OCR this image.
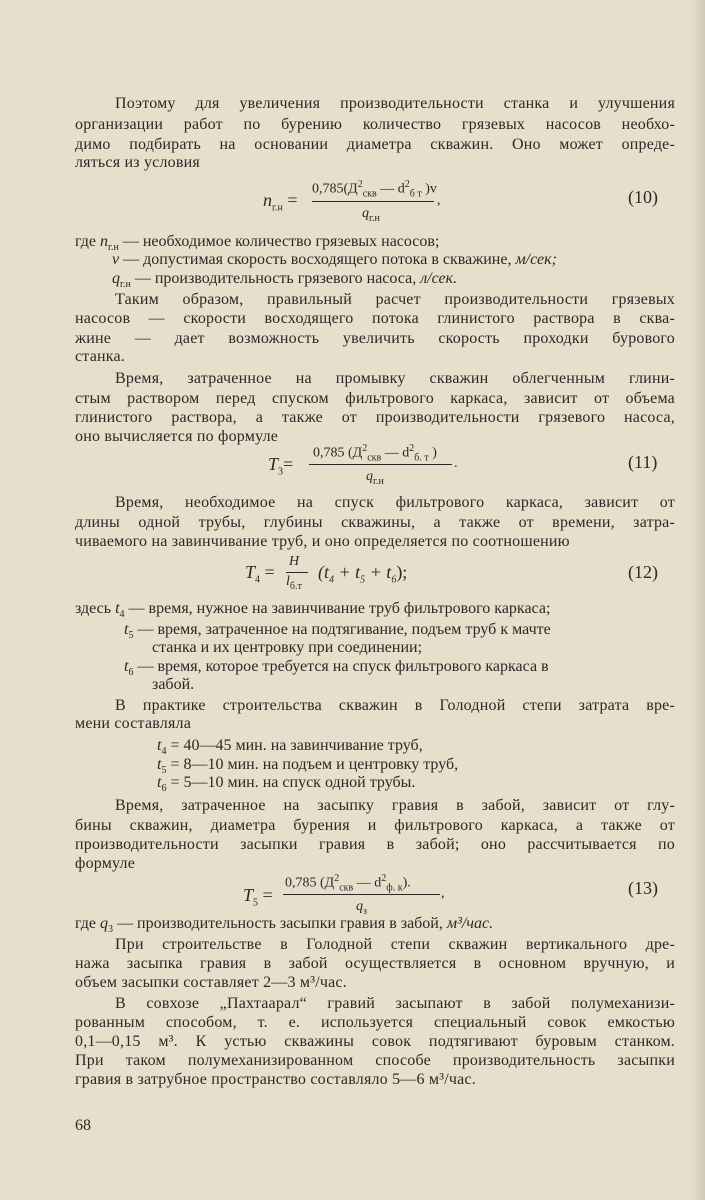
Поэтому для увеличения производительности станка и улучшения
организации работ по бурению количество грязевых насосов необхо-
димо подбирать на основании диаметра скважин. Оно может опреде-
ляться из условия
$n_{г.н}$ =
$0,785(Д^2_{скв}$ — $d^2_{б т}$ )v
,
$q_{г.н}$
(10)
где $n_{г.н}$ — необходимое количество грязевых насосов;
v — допустимая скорость восходящего потока в скважине, м/сек;
$q_{г.н}$ — производительность грязевого насоса, л/сек.
Таким образом, правильный расчет производительности грязевых
насосов — скорости восходящего потока глинистого раствора в сква-
жине — дает возможность увеличить скорость проходки бурового
станка.
Время, затраченное на промывку скважин облегченным глини-
стым раствором перед спуском фильтрового каркаса, зависит от объема
глинистого раствора, а также от производительности грязевого насоса,
оно вычисляется по формуле
$T_3=$
0,785 ($Д^2_{скв}$ — $d^2_{б. т}$ )
.
$q_{г.н}$
(11)
Время, необходимое на спуск фильтрового каркаса, зависит от
длины одной трубы, глубины скважины, а также от времени, затра-
чиваемого на завинчивание труб, и оно определяется по соотношению
$T_4$ =
H
$l_{б.т}$
$(t_4 + t_5 + t_6)$;	(12)
здесь $t_4$ — время, нужное на завинчивание труб фильтрового каркаса;
$t_5$ — время, затраченное на подтягивание, подъем труб к мачте
станка и их центровку при соединении;
$t_6$ — время, которое требуется на спуск фильтрового каркаса в
забой.
В практике строительства скважин в Голодной степи затрата вре-
мени составляла
$t_4$ = 40—45 мин. на завинчивание труб,
$t_5$ = 8—10 мин. на подъем и центровку труб,
$t_6$ = 5—10 мин. на спуск одной трубы.
Время, затраченное на засыпку гравия в забой, зависит от глу-
бины скважин, диаметра бурения и фильтрового каркаса, а также от
производительности засыпки гравия в забой; оно рассчитывается по
формуле
$T_5$ =
0,785 ($Д^2_{скв}$ — $d^2_{ф. к}$).
,
$q_з$
(13)
где $q_3$ — производительность засыпки гравия в забой, м³/час.
При строительстве в Голодной степи скважин вертикального дре-
нажа засыпка гравия в забой осуществляется в основном вручную, и
объем засыпки составляет 2—3 м³/час.
В совхозе „Пахтаарал“ гравий засыпают в забой полумеханизи-
рованным способом, т. е. используется специальный совок емкостью
0,1—0,15 м³. К устью скважины совок подтягивают буровым станком.
При таком полумеханизированном способе производительность засыпки
гравия в затрубное пространство составляло 5—6 м³/час.
68
